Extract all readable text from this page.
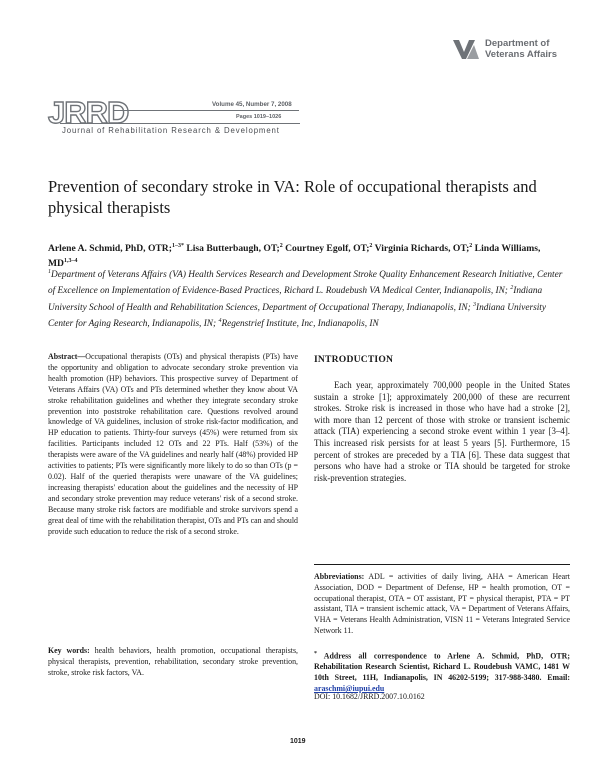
Department of
Veterans Affairs
JRRD	Volume 45, Number 7, 2008
Pages 1019–1026
Journal of Rehabilitation Research & Development
Prevention of secondary stroke in VA: Role of occupational therapists and physical therapists
Arlene A. Schmid, PhD, OTR;$^{1-3*}$ Lisa Butterbaugh, OT;$^2$ Courtney Egolf, OT;$^2$ Virginia Richards, OT;$^2$ Linda Williams, MD$^{1,3-4}$
$^1$Department of Veterans Affairs (VA) Health Services Research and Development Stroke Quality Enhancement Research Initiative, Center of Excellence on Implementation of Evidence-Based Practices, Richard L. Roudebush VA Medical Center, Indianapolis, IN; $^2$Indiana University School of Health and Rehabilitation Sciences, Department of Occupational Therapy, Indianapolis, IN; $^3$Indiana University Center for Aging Research, Indianapolis, IN; $^4$Regenstrief Institute, Inc, Indianapolis, IN
Abstract—Occupational therapists (OTs) and physical therapists (PTs) have the opportunity and obligation to advocate secondary stroke prevention via health promotion (HP) behaviors. This prospective survey of Department of Veterans Affairs (VA) OTs and PTs determined whether they know about VA stroke rehabilitation guidelines and whether they integrate secondary stroke prevention into poststroke rehabilitation care. Questions revolved around knowledge of VA guidelines, inclusion of stroke risk-factor modification, and HP education to patients. Thirty-four surveys (45%) were returned from six facilities. Participants included 12 OTs and 22 PTs. Half (53%) of the therapists were aware of the VA guidelines and nearly half (48%) provided HP activities to patients; PTs were significantly more likely to do so than OTs (p = 0.02). Half of the queried therapists were unaware of the VA guidelines; increasing therapists' education about the guidelines and the necessity of HP and secondary stroke prevention may reduce veterans' risk of a second stroke. Because many stroke risk factors are modifiable and stroke survivors spend a great deal of time with the rehabilitation therapist, OTs and PTs can and should provide such education to reduce the risk of a second stroke.
Key words: health behaviors, health promotion, occupational therapists, physical therapists, prevention, rehabilitation, secondary stroke prevention, stroke, stroke risk factors, VA.
INTRODUCTION

Each year, approximately 700,000 people in the United States sustain a stroke [1]; approximately 200,000 of these are recurrent strokes. Stroke risk is increased in those who have had a stroke [2], with more than 12 percent of those with stroke or transient ischemic attack (TIA) experiencing a second stroke event within 1 year [3–4]. This increased risk persists for at least 5 years [5]. Furthermore, 15 percent of strokes are preceded by a TIA [6]. These data suggest that persons who have had a stroke or TIA should be targeted for stroke risk-prevention strategies.

Abbreviations: ADL = activities of daily living, AHA = American Heart Association, DOD = Department of Defense, HP = health promotion, OT = occupational therapist, OTA = OT assistant, PT = physical therapist, PTA = PT assistant, TIA = transient ischemic attack, VA = Department of Veterans Affairs, VHA = Veterans Health Administration, VISN 11 = Veterans Integrated Service Network 11.
* Address all correspondence to Arlene A. Schmid, PhD, OTR; Rehabilitation Research Scientist, Richard L. Roudebush VAMC, 1481 W 10th Street, 11H, Indianapolis, IN 46202-5199; 317-988-3480. Email: araschmi@iupui.edu
DOI: 10.1682/JRRD.2007.10.0162
1019
